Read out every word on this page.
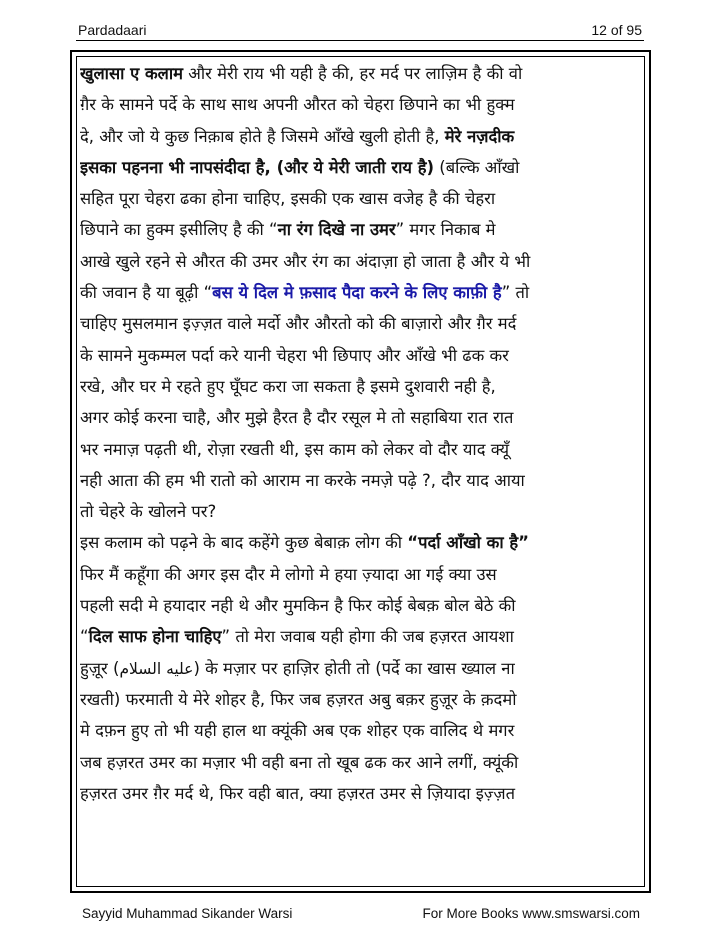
Pardadaari	12 of 95
खुलासा ए कलाम और मेरी राय भी यही है की, हर मर्द पर लाज़िम है की वो
ग़ैर के सामने पर्दे के साथ साथ अपनी औरत को चेहरा छिपाने का भी हुक्म
दे, और जो ये कुछ निक़ाब होते है जिसमे आँखे खुली होती है, मेरे नज़दीक
इसका पहनना भी नापसंदीदा है, (और ये मेरी जाती राय है) (बल्कि आँखो
सहित पूरा चेहरा ढका होना चाहिए, इसकी एक खास वजेह है की चेहरा
छिपाने का हुक्म इसीलिए है की “ना रंग दिखे ना उमर” मगर निकाब मे
आखे खुले रहने से औरत की उमर और रंग का अंदाज़ा हो जाता है और ये भी
की जवान है या बूढ़ी “बस ये दिल मे फ़साद पैदा करने के लिए काफ़ी है” तो
चाहिए मुसलमान इज़्ज़त वाले मर्दो और औरतो को की बाज़ारो और ग़ैर मर्द
के सामने मुकम्मल पर्दा करे यानी चेहरा भी छिपाए और आँखे भी ढक कर
रखे, और घर मे रहते हुए घूँघट करा जा सकता है इसमे दुशवारी नही है,
अगर कोई करना चाहै, और मुझे हैरत है दौर रसूल मे तो सहाबिया रात रात
भर नमाज़ पढ़ती थी, रोज़ा रखती थी, इस काम को लेकर वो दौर याद क्यूँ
नही आता की हम भी रातो को आराम ना करके नमज़े पढ़े ?, दौर याद आया
तो चेहरे के खोलने पर?
इस कलाम को पढ़ने के बाद कहेंगे कुछ बेबाक़ लोग की “पर्दा आँखो का है”
फिर मैं कहूँगा की अगर इस दौर मे लोगो मे हया ज़्यादा आ गई क्या उस
पहली सदी मे हयादार नही थे और मुमकिन है फिर कोई बेबक़ बोल बेठे की
“दिल साफ होना चाहिए” तो मेरा जवाब यही होगा की जब हज़रत आयशा
हुज़ूर (عليه السلام) के मज़ार पर हाज़िर होती तो (पर्दे का खास ख्याल ना
रखती) फरमाती ये मेरे शोहर है, फिर जब हज़रत अबु बक़र हुज़ूर के क़दमो
मे दफ़न हुए तो भी यही हाल था क्यूंकी अब एक शोहर एक वालिद थे मगर
जब हज़रत उमर का मज़ार भी वही बना तो खूब ढक कर आने लगीं, क्यूंकी
हज़रत उमर ग़ैर मर्द थे, फिर वही बात, क्या हज़रत उमर से ज़ियादा इज़्ज़त
Sayyid Muhammad Sikander Warsi	For More Books www.smswarsi.com
